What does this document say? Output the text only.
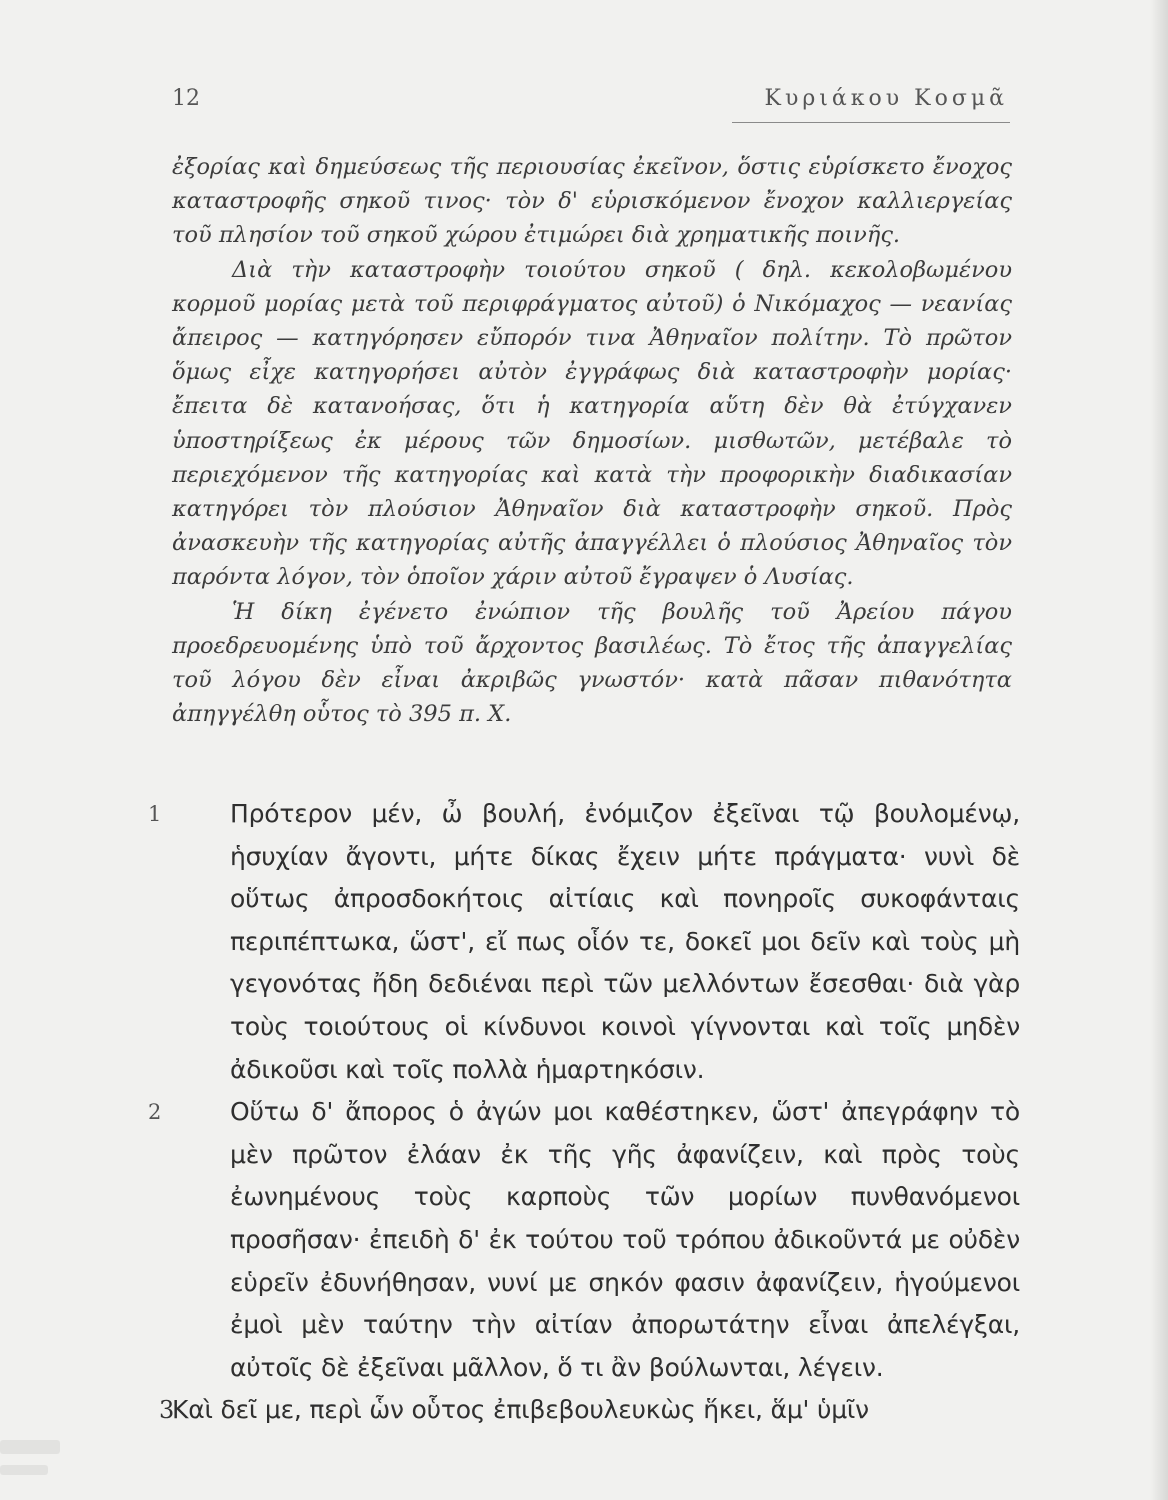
12	Κυριάκου Κοσμᾶ

ἐξορίας καὶ δημεύσεως τῆς περιουσίας ἐκεῖνον, ὅστις εὑρίσκετο ἔνοχος καταστροφῆς σηκοῦ τινος· τὸν δ' εὑρισκόμενον ἔνοχον καλλιεργείας τοῦ πλησίον τοῦ σηκοῦ χώρου ἐτιμώρει διὰ χρηματικῆς ποινῆς.

Διὰ τὴν καταστροφὴν τοιούτου σηκοῦ ( δηλ. κεκολοβωμένου κορμοῦ μορίας μετὰ τοῦ περιφράγματος αὐτοῦ) ὁ Νικόμαχος — νεανίας ἄπειρος — κατηγόρησεν εὔπορόν τινα Ἀθηναῖον πολίτην. Τὸ πρῶτον ὅμως εἶχε κατηγορήσει αὐτὸν ἐγγράφως διὰ καταστροφὴν μορίας· ἔπειτα δὲ κατανοήσας, ὅτι ἡ κατηγορία αὕτη δὲν θὰ ἐτύγχανεν ὑποστηρίξεως ἐκ μέρους τῶν δημοσίων. μισθωτῶν, μετέβαλε τὸ περιεχόμενον τῆς κατηγορίας καὶ κατὰ τὴν προφορικὴν διαδικασίαν κατηγόρει τὸν πλούσιον Ἀθηναῖον διὰ καταστροφὴν σηκοῦ. Πρὸς ἀνασκευὴν τῆς κατηγορίας αὐτῆς ἀπαγγέλλει ὁ πλούσιος Ἀθηναῖος τὸν παρόντα λόγον, τὸν ὁποῖον χάριν αὐτοῦ ἔγραψεν ὁ Λυσίας.

Ἡ δίκη ἐγένετο ἐνώπιον τῆς βουλῆς τοῦ Ἀρείου πάγου προεδρευομένης ὑπὸ τοῦ ἄρχοντος βασιλέως. Τὸ ἔτος τῆς ἀπαγγελίας τοῦ λόγου δὲν εἶναι ἀκριβῶς γνωστόν· κατὰ πᾶσαν πιθανότητα ἀπηγγέλθη οὗτος τὸ 395 π. Χ.

1	Πρότερον μέν, ὦ βουλή, ἐνόμιζον ἐξεῖναι τῷ βουλομένῳ, ἡσυχίαν ἄγοντι, μήτε δίκας ἔχειν μήτε πράγματα· νυνὶ δὲ οὕτως ἀπροσδοκήτοις αἰτίαις καὶ πονηροῖς συκοφάνταις περιπέπτωκα, ὥστ', εἴ πως οἷόν τε, δοκεῖ μοι δεῖν καὶ τοὺς μὴ γεγονότας ἤδη δεδιέναι περὶ τῶν μελλόντων ἔσεσθαι· διὰ γὰρ τοὺς τοιούτους οἱ κίνδυνοι κοινοὶ γίγνονται καὶ τοῖς μηδὲν ἀδικοῦσι καὶ τοῖς πολλὰ ἡμαρτηκόσιν.

2	Οὕτω δ' ἄπορος ὁ ἀγών μοι καθέστηκεν, ὥστ' ἀπεγράφην τὸ μὲν πρῶτον ἐλάαν ἐκ τῆς γῆς ἀφανίζειν, καὶ πρὸς τοὺς ἐωνημένους τοὺς καρποὺς τῶν μορίων πυνθανόμενοι προσῆσαν· ἐπειδὴ δ' ἐκ τούτου τοῦ τρόπου ἀδικοῦντά με οὐδὲν εὑρεῖν ἐδυνήθησαν, νυνί με σηκόν φασιν ἀφανίζειν, ἡγούμενοι ἐμοὶ μὲν ταύτην τὴν αἰτίαν ἀπορωτάτην εἶναι ἀπελέγξαι, αὐτοῖς δὲ ἐξεῖναι μᾶλλον, ὅ τι ἂν βούλωνται, λέγειν.

3
Καὶ δεῖ με, περὶ ὧν οὗτος ἐπιβεβουλευκὼς ἥκει, ἅμ' ὑμῖν
